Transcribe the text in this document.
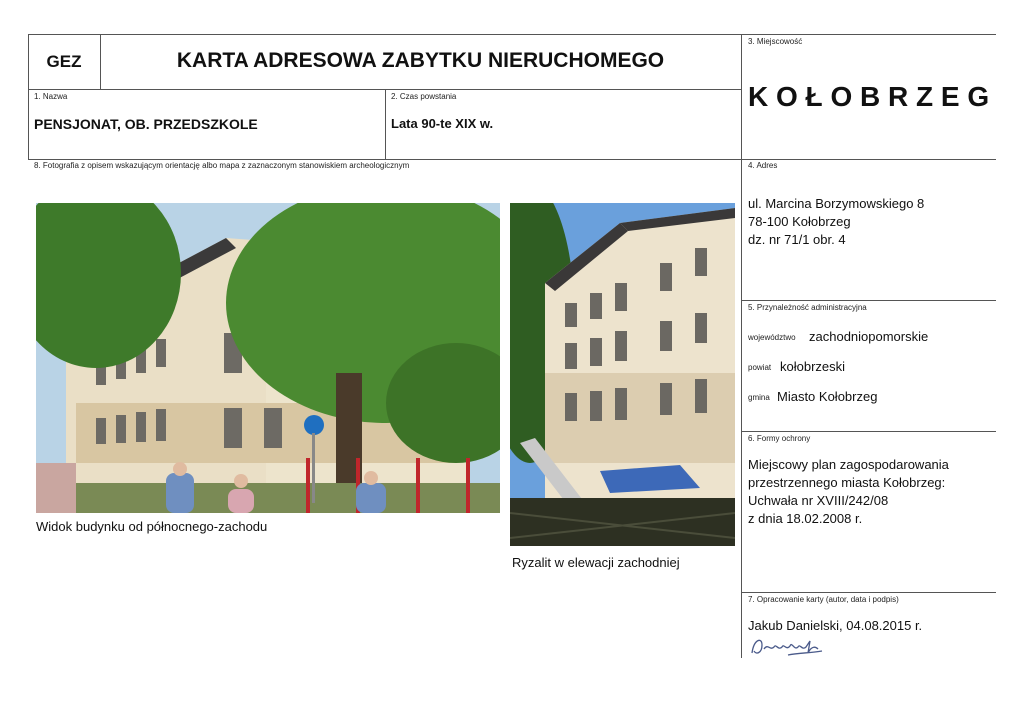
GEZ	KARTA ADRESOWA ZABYTKU NIERUCHOMEGO
1. Nazwa
PENSJONAT, OB. PRZEDSZKOLE
2. Czas powstania
Lata 90-te XIX w.
3. Miejscowość
K O Ł O B R Z E G
8. Fotografia z opisem wskazującym orientację albo mapa z zaznaczonym stanowiskiem archeologicznym
Widok budynku od północnego-zachodu
Ryzalit w elewacji zachodniej
4. Adres
ul. Marcina Borzymowskiego 8
78-100 Kołobrzeg
dz. nr 71/1 obr. 4
5. Przynależność administracyjna
województwo zachodniopomorskie
powiat kołobrzeski
gmina Miasto Kołobrzeg
6. Formy ochrony
Miejscowy plan zagospodarowania
przestrzennego miasta Kołobrzeg:
Uchwała nr XVIII/242/08
z dnia 18.02.2008 r.
7. Opracowanie karty (autor, data i podpis)
Jakub Danielski, 04.08.2015 r.
